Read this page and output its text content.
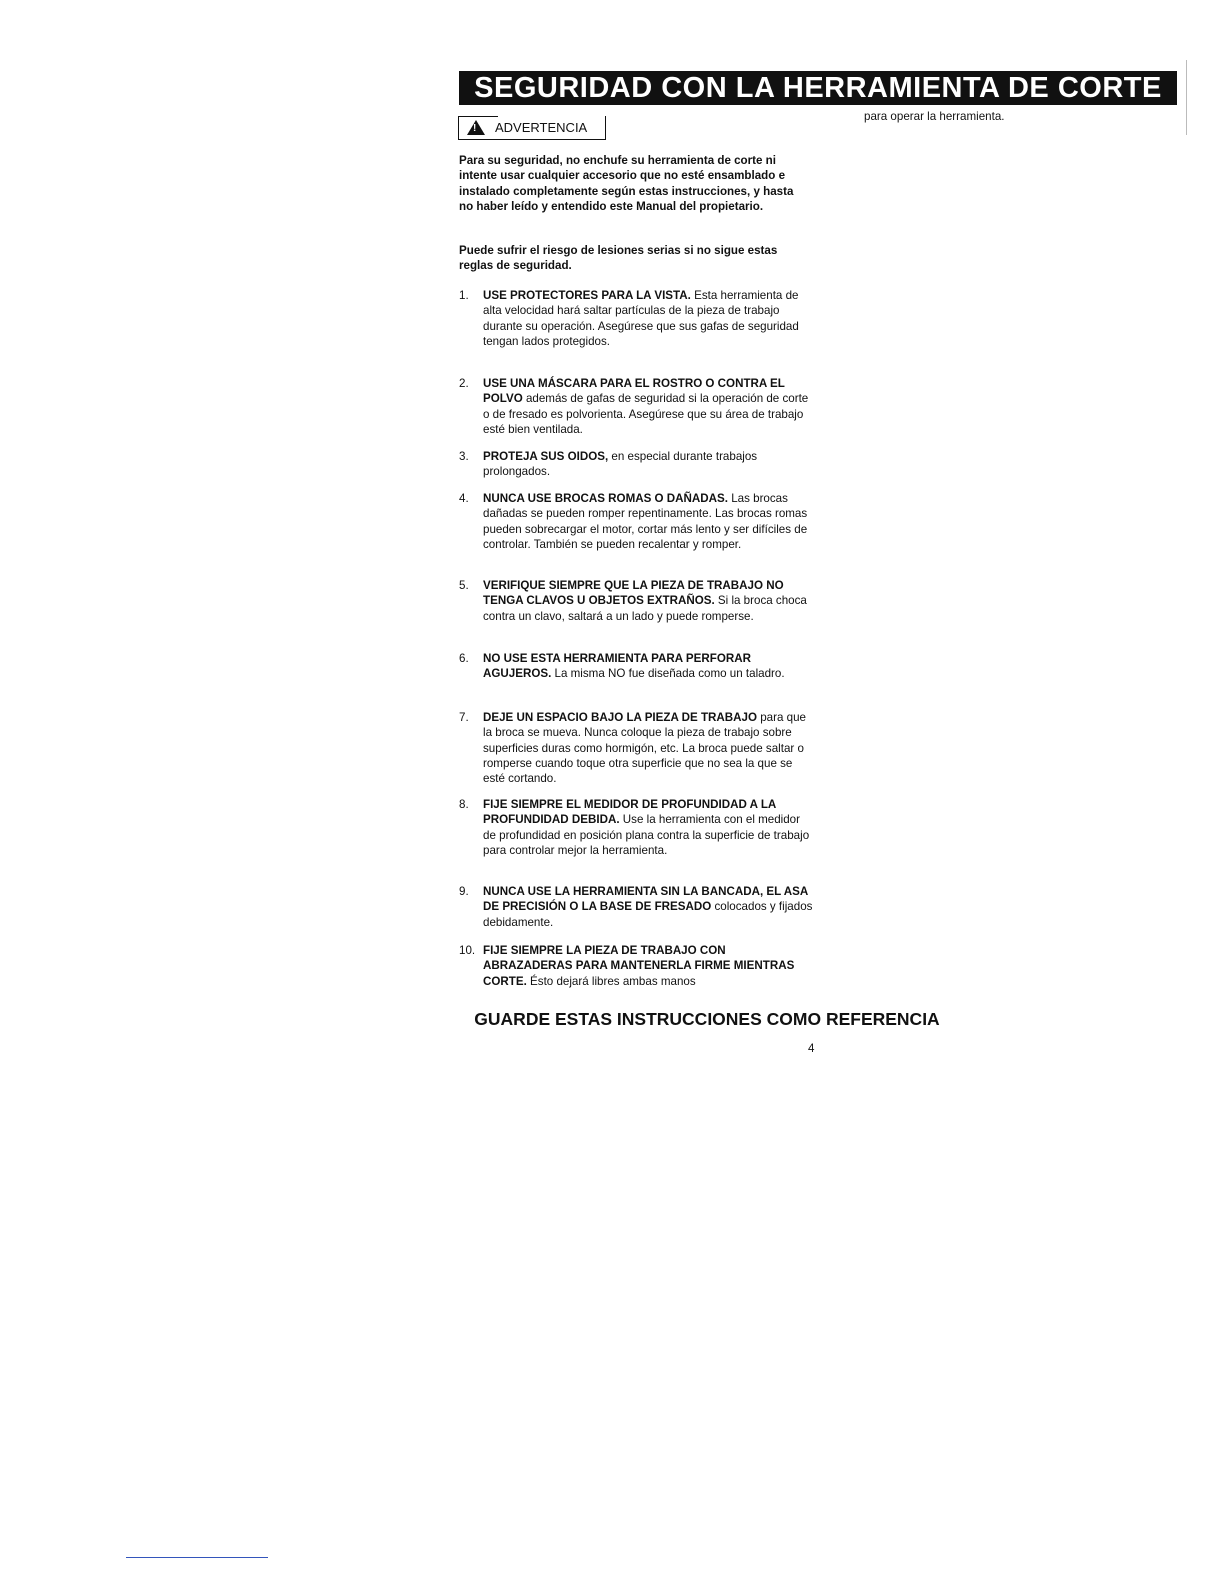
SEGURIDAD CON LA HERRAMIENTA DE CORTE
! ADVERTENCIA

Para su seguridad, no enchufe su herramienta de corte ni intente usar cualquier accesorio que no esté ensamblado e instalado completamente según estas instrucciones, y hasta no haber leído y entendido este Manual del propietario.

Puede sufrir el riesgo de lesiones serias si no sigue estas reglas de seguridad.

para operar la herramienta.
1.	USE PROTECTORES PARA LA VISTA. Esta herramienta de alta velocidad hará saltar partículas de la pieza de trabajo durante su operación. Asegúrese que sus gafas de seguridad tengan lados protegidos.
2.	USE UNA MÁSCARA PARA EL ROSTRO O CONTRA EL POLVO además de gafas de seguridad si la operación de corte o de fresado es polvorienta. Asegúrese que su área de trabajo esté bien ventilada.
3.	PROTEJA SUS OIDOS, en especial durante trabajos prolongados.
4.	NUNCA USE BROCAS ROMAS O DAÑADAS. Las brocas dañadas se pueden romper repentinamente. Las brocas romas pueden sobrecargar el motor, cortar más lento y ser difíciles de controlar. También se pueden recalentar y romper.
5.	VERIFIQUE SIEMPRE QUE LA PIEZA DE TRABAJO NO TENGA CLAVOS U OBJETOS EXTRAÑOS. Si la broca choca contra un clavo, saltará a un lado y puede romperse.
6.	NO USE ESTA HERRAMIENTA PARA PERFORAR AGUJEROS. La misma NO fue diseñada como un taladro.
7.	DEJE UN ESPACIO BAJO LA PIEZA DE TRABAJO para que la broca se mueva. Nunca coloque la pieza de trabajo sobre superficies duras como hormigón, etc. La broca puede saltar o romperse cuando toque otra superficie que no sea la que se esté cortando.
8.	FIJE SIEMPRE EL MEDIDOR DE PROFUNDIDAD A LA PROFUNDIDAD DEBIDA. Use la herramienta con el medidor de profundidad en posición plana contra la superficie de trabajo para controlar mejor la herramienta.
9.	NUNCA USE LA HERRAMIENTA SIN LA BANCADA, EL ASA DE PRECISIÓN O LA BASE DE FRESADO colocados y fijados debidamente.
10. FIJE SIEMPRE LA PIEZA DE TRABAJO CON ABRAZADERAS PARA MANTENERLA FIRME MIENTRAS CORTE. Ésto dejará libres ambas manos
GUARDE ESTAS INSTRUCCIONES COMO REFERENCIA
4
